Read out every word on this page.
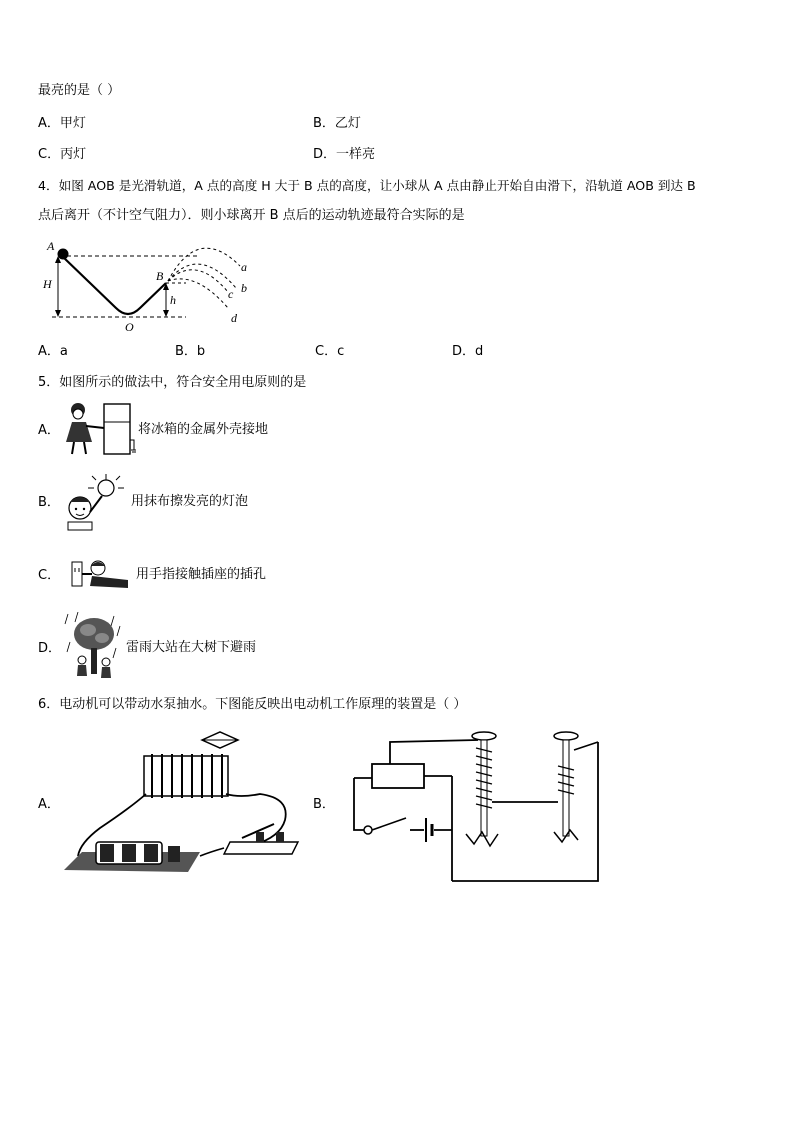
最亮的是（ ）
A．甲灯	B．乙灯
C．丙灯	D．一样亮
4．如图 AOB 是光滑轨道，A 点的高度 H 大于 B 点的高度，让小球从 A 点由静止开始自由滑下，沿轨道 AOB 到达 B
点后离开（不计空气阻力）．则小球离开 B 点后的运动轨迹最符合实际的是
A
H
B
h
O
a
b
c
d
A．a	B．b	C．c	D．d
5．如图所示的做法中，符合安全用电原则的是
A．	将冰箱的金属外壳接地
B．	用抹布擦发亮的灯泡
C．	用手指接触插座的插孔
D．	雷雨大站在大树下避雨
6．电动机可以带动水泵抽水。下图能反映出电动机工作原理的装置是（ ）
A．	B．
